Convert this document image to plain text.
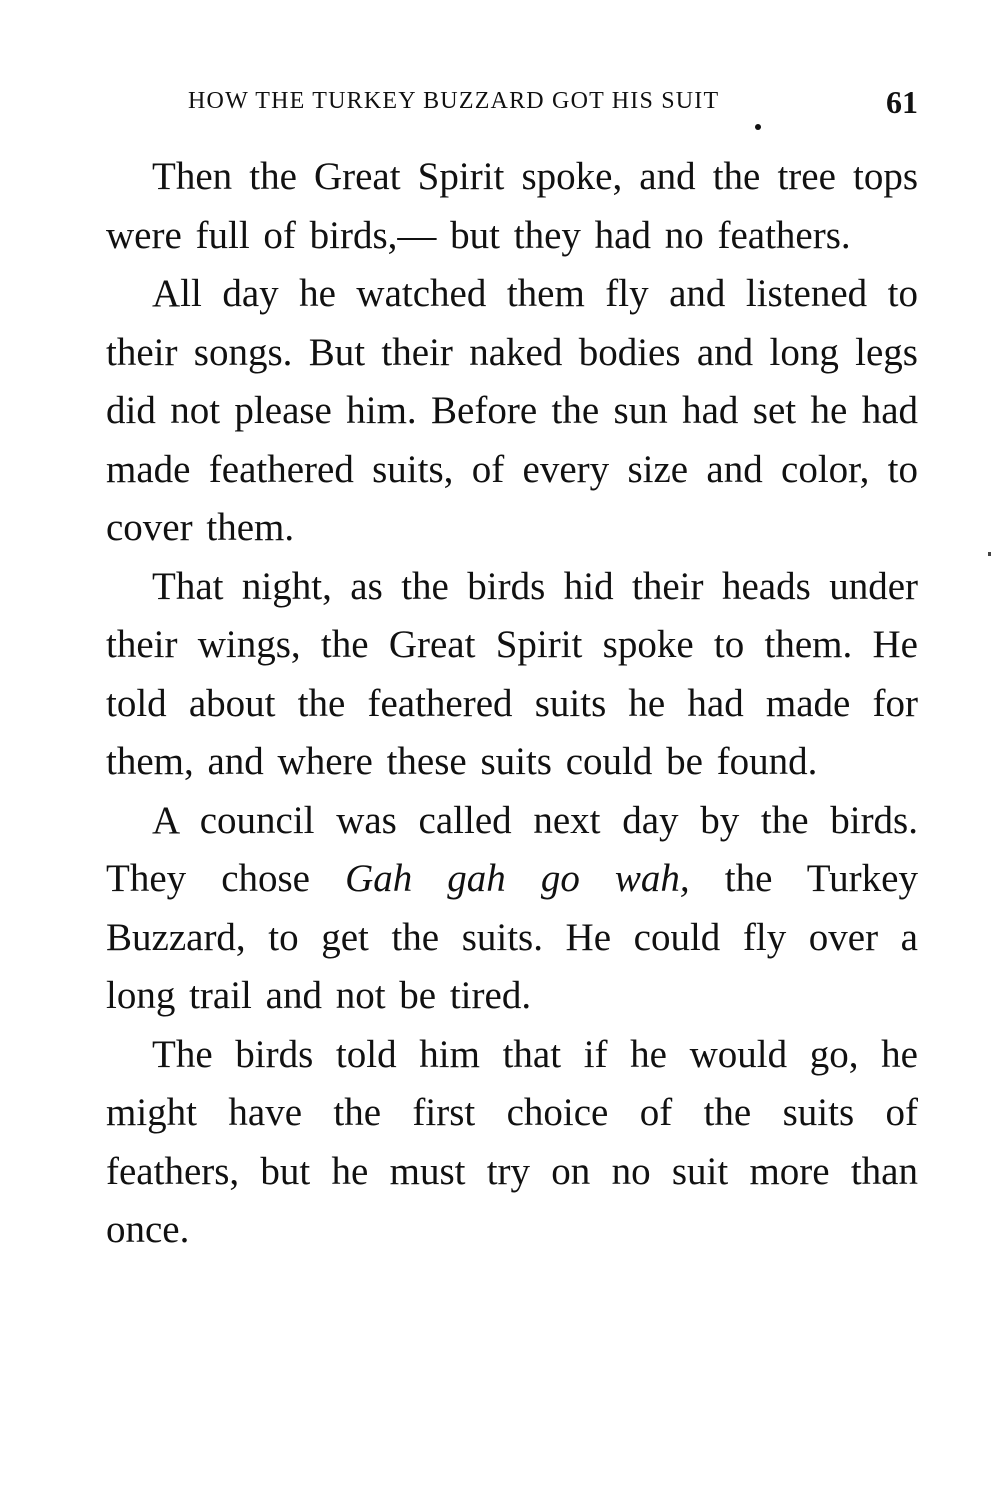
HOW THE TURKEY BUZZARD GOT HIS SUIT	61

Then the Great Spirit spoke, and the tree tops were full of birds,— but they had no feathers.

All day he watched them fly and listened to their songs. But their naked bodies and long legs did not please him. Before the sun had set he had made feathered suits, of every size and color, to cover them.

That night, as the birds hid their heads under their wings, the Great Spirit spoke to them. He told about the feathered suits he had made for them, and where these suits could be found.

A council was called next day by the birds. They chose Gah gah go wah, the Turkey Buzzard, to get the suits. He could fly over a long trail and not be tired.

The birds told him that if he would go, he might have the first choice of the suits of feathers, but he must try on no suit more than once.
